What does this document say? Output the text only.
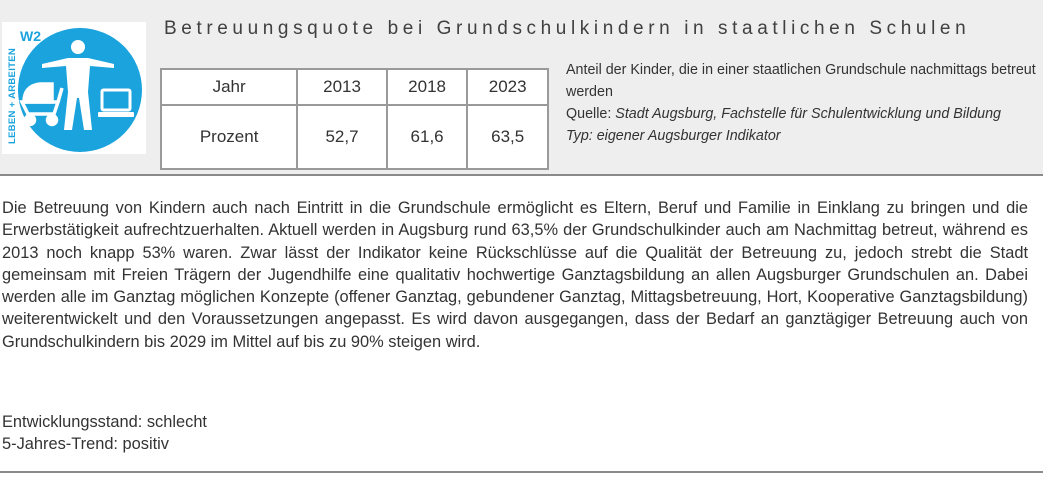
LEBEN + ARBEITEN
W2	Betreuungsquote bei Grundschulkindern in staatlichen Schulen
Jahr	2013	2018	2023
Prozent	52,7	61,6	63,5
Anteil der Kinder, die in einer staatlichen Grundschule nachmittags betreut werden
Quelle: Stadt Augsburg, Fachstelle für Schulentwicklung und Bildung
Typ: eigener Augsburger Indikator

Die Betreuung von Kindern auch nach Eintritt in die Grundschule ermöglicht es Eltern, Beruf und Familie in Einklang zu bringen und die Erwerbstätigkeit aufrechtzuerhalten. Aktuell werden in Augsburg rund 63,5% der Grundschulkinder auch am Nachmittag betreut, während es 2013 noch knapp 53% waren. Zwar lässt der Indikator keine Rückschlüsse auf die Qualität der Betreuung zu, jedoch strebt die Stadt gemeinsam mit Freien Trägern der Jugendhilfe eine qualitativ hochwertige Ganztagsbildung an allen Augsburger Grundschulen an. Dabei werden alle im Ganztag möglichen Konzepte (offener Ganztag, gebundener Ganztag, Mittagsbetreuung, Hort, Kooperative Ganztagsbildung) weiterentwickelt und den Voraussetzungen angepasst. Es wird davon ausgegangen, dass der Bedarf an ganztägiger Betreuung auch von Grundschulkindern bis 2029 im Mittel auf bis zu 90% steigen wird.

Entwicklungsstand: schlecht
5-Jahres-Trend: positiv
